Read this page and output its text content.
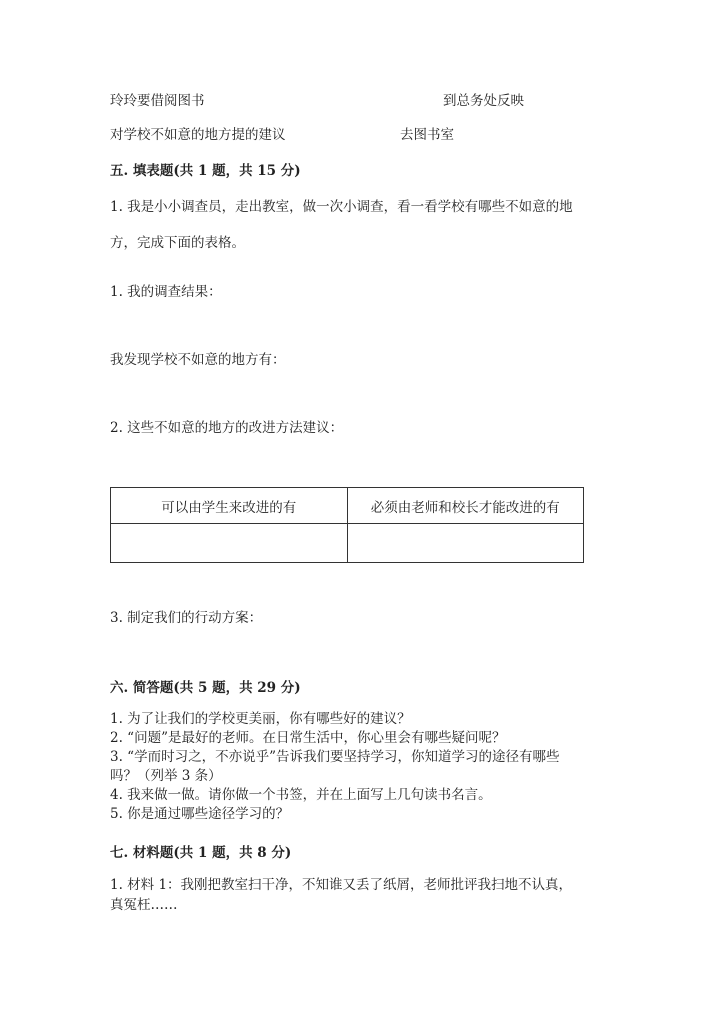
玲玲要借阅图书	到总务处反映
对学校不如意的地方提的建议	去图书室
五. 填表题(共 1 题，共 15 分)
1. 我是小小调查员，走出教室，做一次小调查，看一看学校有哪些不如意的地
方，完成下面的表格。
1. 我的调查结果：
我发现学校不如意的地方有：
2. 这些不如意的地方的改进方法建议：
可以由学生来改进的有	必须由老师和校长才能改进的有

3. 制定我们的行动方案：
六. 简答题(共 5 题，共 29 分)
1. 为了让我们的学校更美丽，你有哪些好的建议？
2. “问题”是最好的老师。在日常生活中，你心里会有哪些疑问呢？
3. “学而时习之，不亦说乎”告诉我们要坚持学习，你知道学习的途径有哪些
吗？（列举 3 条）
4. 我来做一做。请你做一个书签，并在上面写上几句读书名言。
5. 你是通过哪些途径学习的？
七. 材料题(共 1 题，共 8 分)
1. 材料 1：我刚把教室扫干净，不知谁又丢了纸屑，老师批评我扫地不认真，
真冤枉……
